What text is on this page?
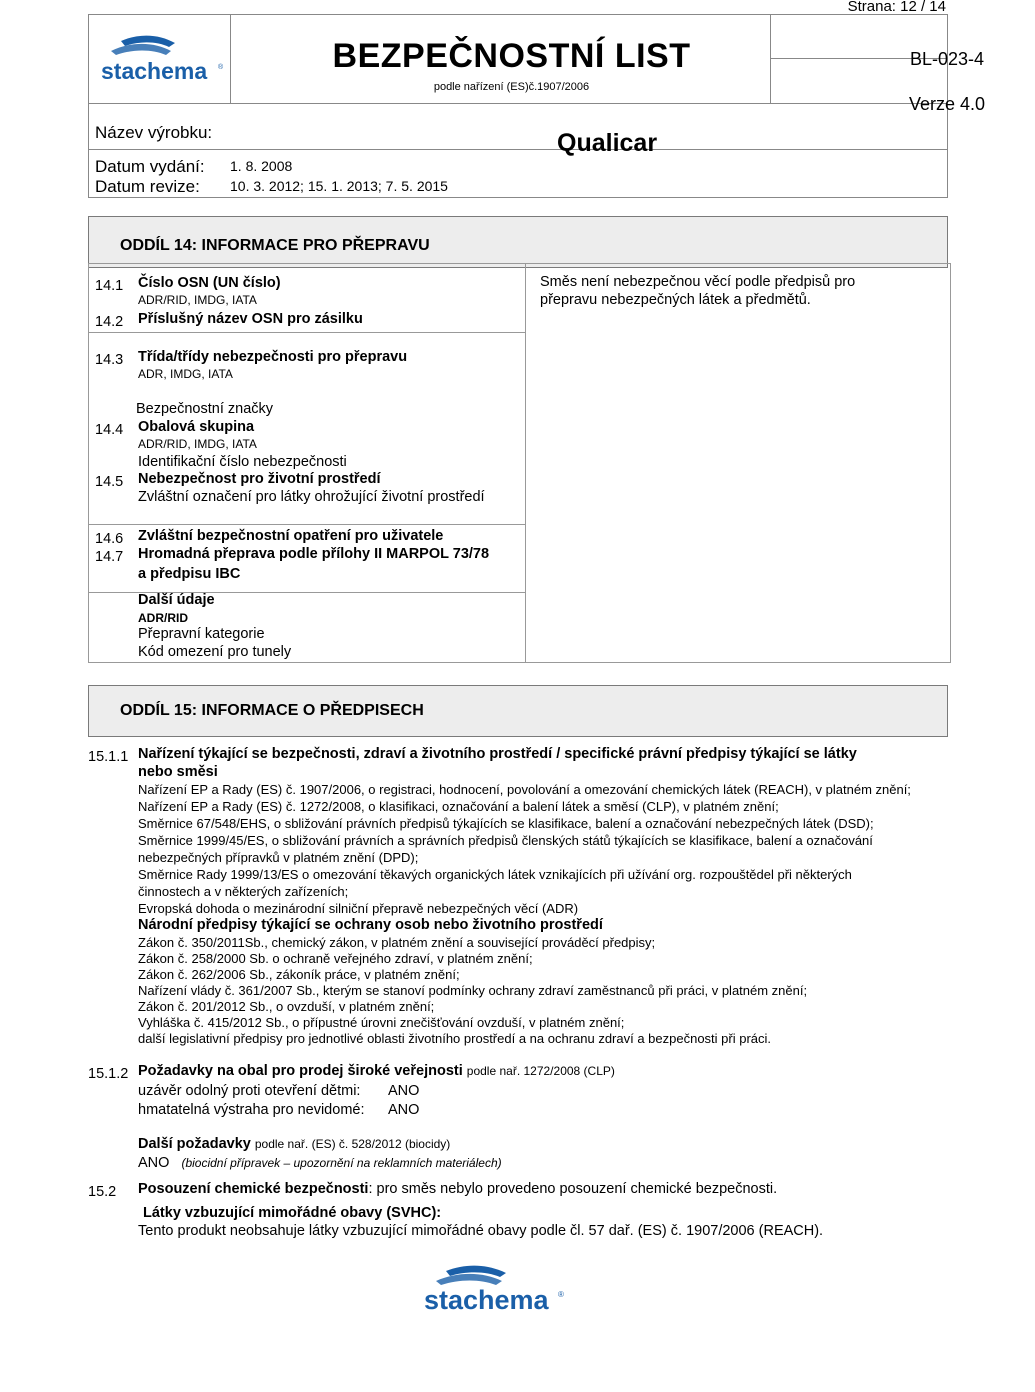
Strana: 12 / 14
stachema ®	BEZPEČNOSTNÍ LIST
podle nařízení (ES)č.1907/2006
BL-023-4
Verze 4.0
Název výrobku:	Qualicar
Datum vydání: 1. 8. 2008
Datum revize: 10. 3. 2012; 15. 1. 2013; 7. 5. 2015
ODDÍL 14: INFORMACE PRO PŘEPRAVU
14.1 Číslo OSN (UN číslo)
ADR/RID, IMDG, IATA
14.2 Příslušný název OSN pro zásilku
Směs není nebezpečnou věcí podle předpisů pro
přepravu nebezpečných látek a předmětů.
14.3 Třída/třídy nebezpečnosti pro přepravu
ADR, IMDG, IATA
Bezpečnostní značky
14.4 Obalová skupina
ADR/RID, IMDG, IATA
Identifikační číslo nebezpečnosti
14.5 Nebezpečnost pro životní prostředí
Zvláštní označení pro látky ohrožující životní prostředí
14.6 Zvláštní bezpečnostní opatření pro uživatele
14.7 Hromadná přeprava podle přílohy II MARPOL 73/78
a předpisu IBC
Další údaje
ADR/RID
Přepravní kategorie
Kód omezení pro tunely
ODDÍL 15: INFORMACE O PŘEDPISECH
15.1.1 Nařízení týkající se bezpečnosti, zdraví a životního prostředí / specifické právní předpisy týkající se látky
nebo směsi
Nařízení EP a Rady (ES) č. 1907/2006, o registraci, hodnocení, povolování a omezování chemických látek (REACH), v platném znění;
Nařízení EP a Rady (ES) č. 1272/2008, o klasifikaci, označování a balení látek a směsí (CLP), v platném znění;
Směrnice 67/548/EHS, o sbližování právních předpisů týkajících se klasifikace, balení a označování nebezpečných látek (DSD);
Směrnice 1999/45/ES, o sbližování právních a správních předpisů členských států týkajících se klasifikace, balení a označování
nebezpečných přípravků v platném znění (DPD);
Směrnice Rady 1999/13/ES o omezování těkavých organických látek vznikajících při užívání org. rozpouštědel při některých
činnostech a v některých zařízeních;
Evropská dohoda o mezinárodní silniční přepravě nebezpečných věcí (ADR)
Národní předpisy týkající se ochrany osob nebo životního prostředí
Zákon č. 350/2011Sb., chemický zákon, v platném znění a související prováděcí předpisy;
Zákon č. 258/2000 Sb. o ochraně veřejného zdraví, v platném znění;
Zákon č. 262/2006 Sb., zákoník práce, v platném znění;
Nařízení vlády č. 361/2007 Sb., kterým se stanoví podmínky ochrany zdraví zaměstnanců při práci, v platném znění;
Zákon č. 201/2012 Sb., o ovzduší, v platném znění;
Vyhláška č. 415/2012 Sb., o přípustné úrovni znečišťování ovzduší, v platném znění;
další legislativní předpisy pro jednotlivé oblasti životního prostředí a na ochranu zdraví a bezpečnosti při práci.
15.1.2 Požadavky na obal pro prodej široké veřejnosti podle nař. 1272/2008 (CLP)
uzávěr odolný proti otevření dětmi: ANO
hmatatelná výstraha pro nevidomé: ANO
Další požadavky podle nař. (ES) č. 528/2012 (biocidy)
ANO (biocidní přípravek – upozornění na reklamních materiálech)
15.2 Posouzení chemické bezpečnosti: pro směs nebylo provedeno posouzení chemické bezpečnosti.
Látky vzbuzující mimořádné obavy (SVHC):
Tento produkt neobsahuje látky vzbuzující mimořádné obavy podle čl. 57 dař. (ES) č. 1907/2006 (REACH).
stachema ®
